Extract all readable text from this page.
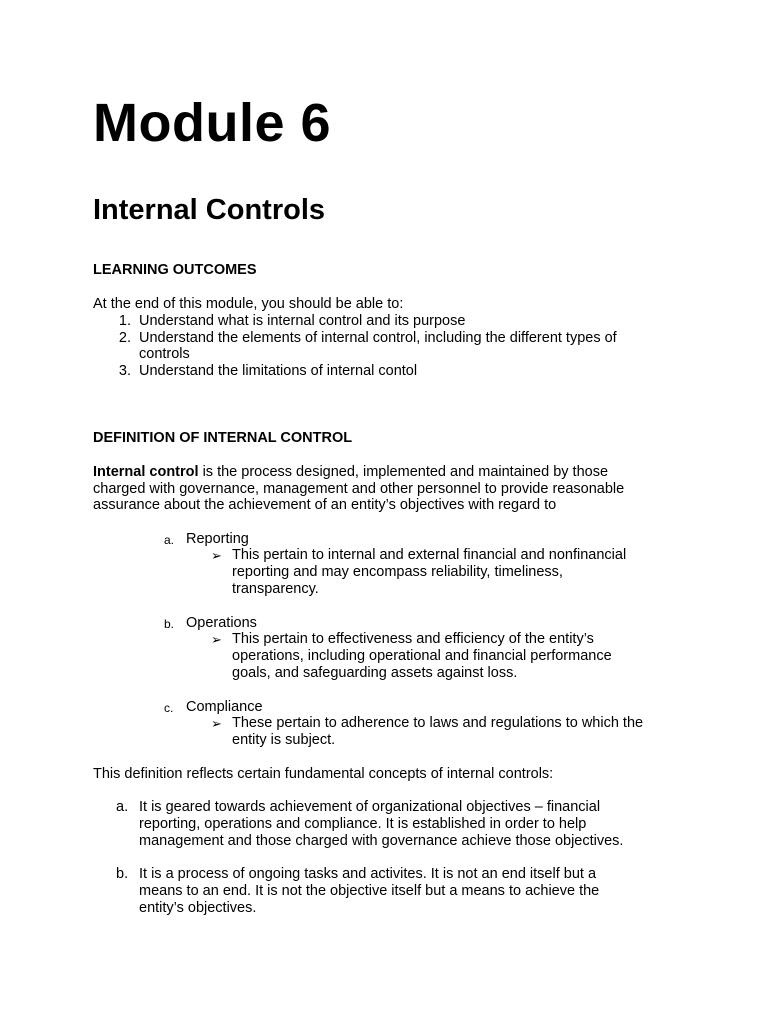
Module 6
Internal Controls
LEARNING OUTCOMES
At the end of this module, you should be able to:
1. Understand what is internal control and its purpose
2. Understand the elements of internal control, including the different types of
controls
3. Understand the limitations of internal contol
DEFINITION OF INTERNAL CONTROL
Internal control is the process designed, implemented and maintained by those
charged with governance, management and other personnel to provide reasonable
assurance about the achievement of an entity’s objectives with regard to
a. Reporting
➢ This pertain to internal and external financial and nonfinancial
reporting and may encompass reliability, timeliness,
transparency.
b. Operations
➢ This pertain to effectiveness and efficiency of the entity’s
operations, including operational and financial performance
goals, and safeguarding assets against loss.
c. Compliance
➢ These pertain to adherence to laws and regulations to which the
entity is subject.
This definition reflects certain fundamental concepts of internal controls:
a. It is geared towards achievement of organizational objectives – financial
reporting, operations and compliance. It is established in order to help
management and those charged with governance achieve those objectives.
b. It is a process of ongoing tasks and activites. It is not an end itself but a
means to an end. It is not the objective itself but a means to achieve the
entity’s objectives.
